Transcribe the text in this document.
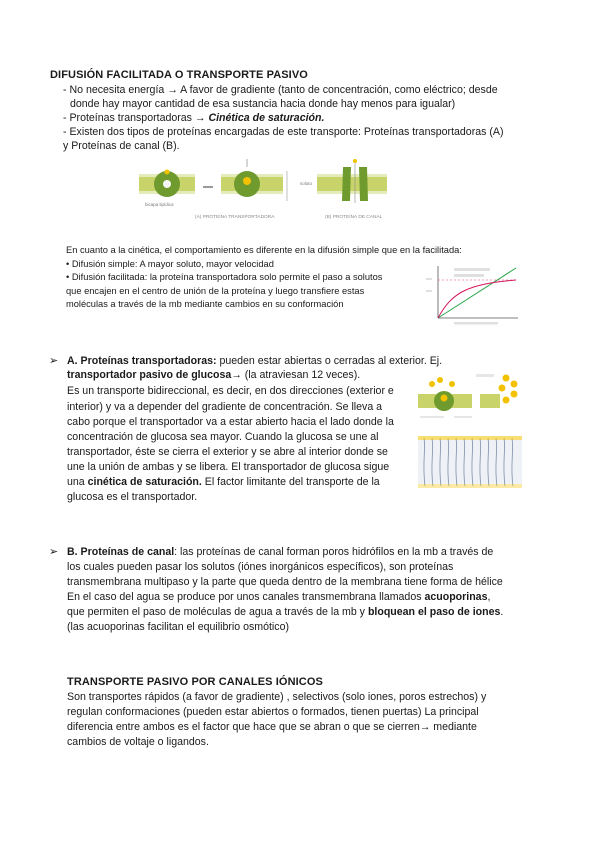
DIFUSIÓN FACILITADA O TRANSPORTE PASIVO

- No necesita energía → A favor de gradiente (tanto de concentración, como eléctrico; desde

donde hay mayor cantidad de esa sustancia hacia donde hay menos para igualar)

- Proteínas transportadoras → Cinética de saturación.

- Existen dos tipos de proteínas encargadas de este transporte: Proteínas transportadoras (A)

y Proteínas de canal (B).

bicapa lipídica
soluto
(A) PROTEÍNA TRANSPORTADORA	(B) PROTEÍNA DE CANAL

En cuanto a la cinética, el comportamiento es diferente en la difusión simple que en la facilitada:

• Difusión simple: A mayor soluto, mayor velocidad

• Difusión facilitada: la proteína transportadora solo permite el paso a solutos

que encajen en el centro de unión de la proteína y luego transfiere estas

moléculas a través de la mb mediante cambios en su conformación

➢ A. Proteínas transportadoras: pueden estar abiertas o cerradas al exterior. Ej.

transportador pasivo de glucosa→ (la atraviesan 12 veces).

Es un transporte bidireccional, es decir, en dos direcciones (exterior e

interior) y va a depender del gradiente de concentración. Se lleva a

cabo porque el transportador va a estar abierto hacia el lado donde la

concentración de glucosa sea mayor. Cuando la glucosa se une al

transportador, éste se cierra el exterior y se abre al interior donde se

une la unión de ambas y se libera. El transportador de glucosa sigue

una cinética de saturación. El factor limitante del transporte de la

glucosa es el transportador.

➢ B. Proteínas de canal: las proteínas de canal forman poros hidrófilos en la mb a través de

los cuales pueden pasar los solutos (iónes inorgánicos específicos), son proteínas

transmembrana multipaso y la parte que queda dentro de la membrana tiene forma de hélice

En el caso del agua se produce por unos canales transmembrana llamados acuoporinas,

que permiten el paso de moléculas de agua a través de la mb y bloquean el paso de iones.

(las acuoporinas facilitan el equilibrio osmótico)

TRANSPORTE PASIVO POR CANALES IÓNICOS

Son transportes rápidos (a favor de gradiente) , selectivos (solo iones, poros estrechos) y

regulan conformaciones (pueden estar abiertos o formados, tienen puertas) La principal

diferencia entre ambos es el factor que hace que se abran o que se cierren→ mediante

cambios de voltaje o ligandos.
